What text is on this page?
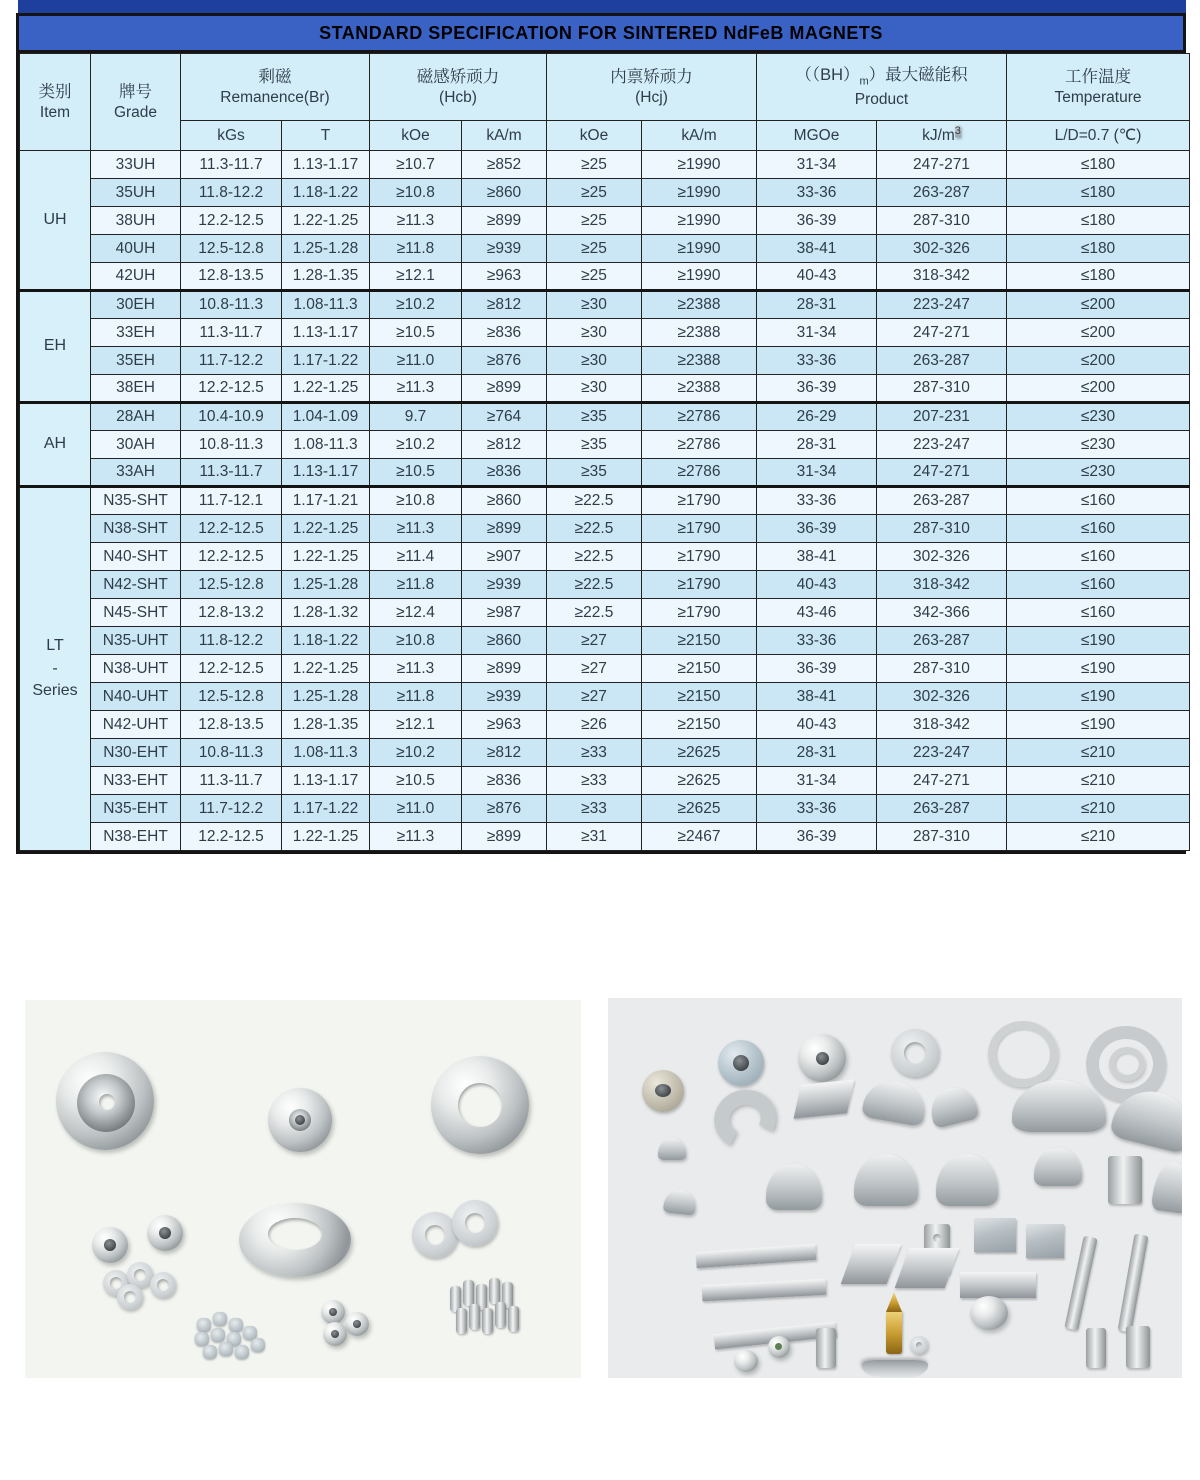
STANDARD SPECIFICATION FOR SINTERED NdFeB MAGNETS
类别
Item

牌号
Grade

剩磁
Remanence(Br)

磁感矫顽力
(Hcb)

内禀矫顽力
(Hcj)

$((BH)_m)$最大磁能积
Product

工作温度
Temperature

		kGs	T	kOe	kA/m	kOe	kA/m	MGOe	$kJ/m^3$	L/D=0.7 (℃)

UH	33UH	11.3-11.7	1.13-1.17	≥10.7	≥852	≥25	≥1990	31-34	247-271	≤180
	35UH	11.8-12.2	1.18-1.22	≥10.8	≥860	≥25	≥1990	33-36	263-287	≤180
	38UH	12.2-12.5	1.22-1.25	≥11.3	≥899	≥25	≥1990	36-39	287-310	≤180
	40UH	12.5-12.8	1.25-1.28	≥11.8	≥939	≥25	≥1990	38-41	302-326	≤180
	42UH	12.8-13.5	1.28-1.35	≥12.1	≥963	≥25	≥1990	40-43	318-342	≤180

EH	30EH	10.8-11.3	1.08-11.3	≥10.2	≥812	≥30	≥2388	28-31	223-247	≤200
	33EH	11.3-11.7	1.13-1.17	≥10.5	≥836	≥30	≥2388	31-34	247-271	≤200
	35EH	11.7-12.2	1.17-1.22	≥11.0	≥876	≥30	≥2388	33-36	263-287	≤200
	38EH	12.2-12.5	1.22-1.25	≥11.3	≥899	≥30	≥2388	36-39	287-310	≤200

AH	28AH	10.4-10.9	1.04-1.09	9.7	≥764	≥35	≥2786	26-29	207-231	≤230
	30AH	10.8-11.3	1.08-11.3	≥10.2	≥812	≥35	≥2786	28-31	223-247	≤230
	33AH	11.3-11.7	1.13-1.17	≥10.5	≥836	≥35	≥2786	31-34	247-271	≤230

LT
-
Series	N35-SHT	11.7-12.1	1.17-1.21	≥10.8	≥860	≥22.5	≥1790	33-36	263-287	≤160
	N38-SHT	12.2-12.5	1.22-1.25	≥11.3	≥899	≥22.5	≥1790	36-39	287-310	≤160
	N40-SHT	12.2-12.5	1.22-1.25	≥11.4	≥907	≥22.5	≥1790	38-41	302-326	≤160
	N42-SHT	12.5-12.8	1.25-1.28	≥11.8	≥939	≥22.5	≥1790	40-43	318-342	≤160
	N45-SHT	12.8-13.2	1.28-1.32	≥12.4	≥987	≥22.5	≥1790	43-46	342-366	≤160
	N35-UHT	11.8-12.2	1.18-1.22	≥10.8	≥860	≥27	≥2150	33-36	263-287	≤190
	N38-UHT	12.2-12.5	1.22-1.25	≥11.3	≥899	≥27	≥2150	36-39	287-310	≤190
	N40-UHT	12.5-12.8	1.25-1.28	≥11.8	≥939	≥27	≥2150	38-41	302-326	≤190
	N42-UHT	12.8-13.5	1.28-1.35	≥12.1	≥963	≥26	≥2150	40-43	318-342	≤190
	N30-EHT	10.8-11.3	1.08-11.3	≥10.2	≥812	≥33	≥2625	28-31	223-247	≤210
	N33-EHT	11.3-11.7	1.13-1.17	≥10.5	≥836	≥33	≥2625	31-34	247-271	≤210
	N35-EHT	11.7-12.2	1.17-1.22	≥11.0	≥876	≥33	≥2625	33-36	263-287	≤210
	N38-EHT	12.2-12.5	1.22-1.25	≥11.3	≥899	≥31	≥2467	36-39	287-310	≤210
